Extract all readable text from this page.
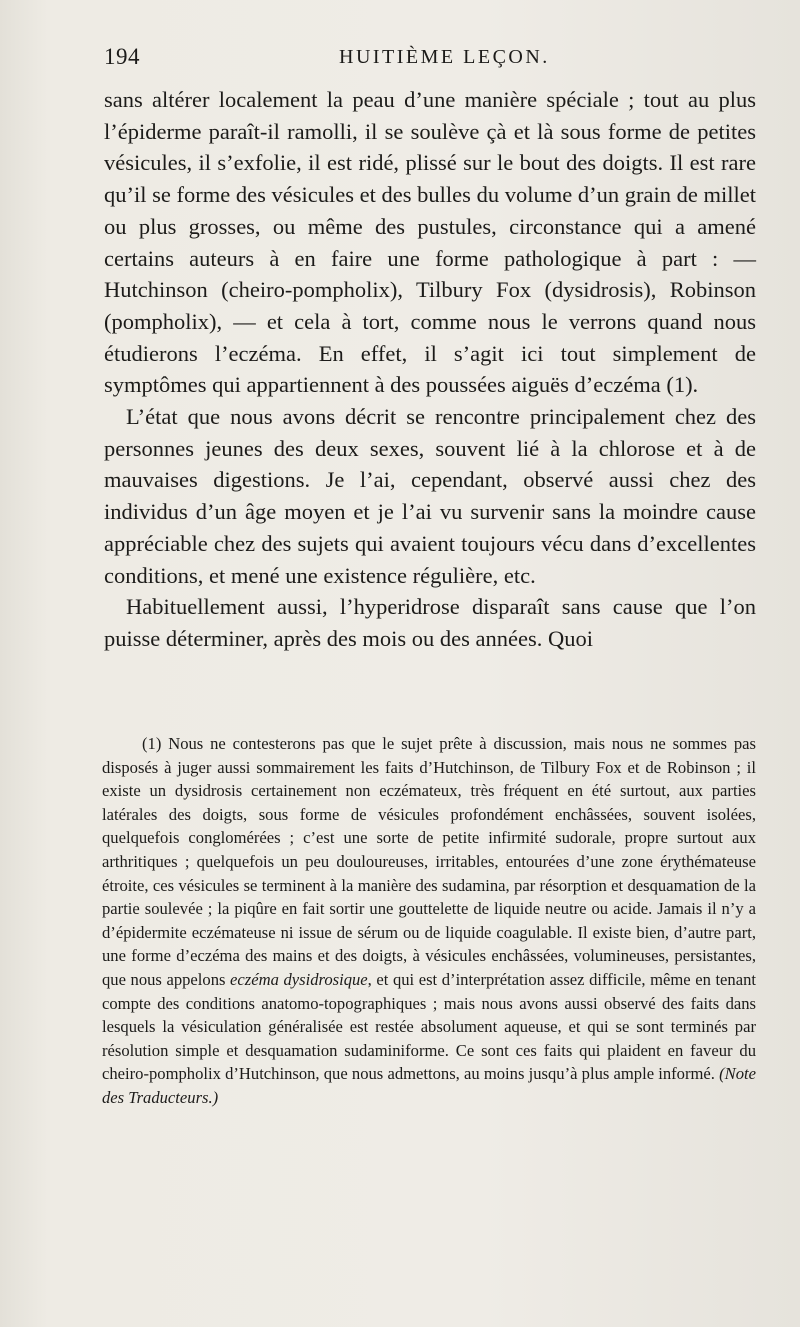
194	HUITIÈME LEÇON.

sans altérer localement la peau d’une manière spéciale ; tout au plus l’épiderme paraît-il ramolli, il se soulève çà et là sous forme de petites vésicules, il s’exfolie, il est ridé, plissé sur le bout des doigts. Il est rare qu’il se forme des vésicules et des bulles du volume d’un grain de millet ou plus grosses, ou même des pustules, circonstance qui a amené certains auteurs à en faire une forme pathologique à part : — Hutchinson (cheiro-pompholix), Tilbury Fox (dysidrosis), Robinson (pompholix), — et cela à tort, comme nous le verrons quand nous étudierons l’eczéma. En effet, il s’agit ici tout simplement de symptômes qui appartiennent à des poussées aiguës d’eczéma (1).

L’état que nous avons décrit se rencontre principalement chez des personnes jeunes des deux sexes, souvent lié à la chlorose et à de mauvaises digestions. Je l’ai, cependant, observé aussi chez des individus d’un âge moyen et je l’ai vu survenir sans la moindre cause appréciable chez des sujets qui avaient toujours vécu dans d’excellentes conditions, et mené une existence régulière, etc.

Habituellement aussi, l’hyperidrose disparaît sans cause que l’on puisse déterminer, après des mois ou des années. Quoi

(1) Nous ne contesterons pas que le sujet prête à discussion, mais nous ne sommes pas disposés à juger aussi sommairement les faits d’Hutchinson, de Tilbury Fox et de Robinson ; il existe un dysidrosis certainement non eczémateux, très fréquent en été surtout, aux parties latérales des doigts, sous forme de vésicules profondément enchâssées, souvent isolées, quelquefois conglomérées ; c’est une sorte de petite infirmité sudorale, propre surtout aux arthritiques ; quelquefois un peu douloureuses, irritables, entourées d’une zone érythémateuse étroite, ces vésicules se terminent à la manière des sudamina, par résorption et desquamation de la partie soulevée ; la piqûre en fait sortir une gouttelette de liquide neutre ou acide. Jamais il n’y a d’épidermite eczémateuse ni issue de sérum ou de liquide coagulable. Il existe bien, d’autre part, une forme d’eczéma des mains et des doigts, à vésicules enchâssées, volumineuses, persistantes, que nous appelons eczéma dysidrosique, et qui est d’interprétation assez difficile, même en tenant compte des conditions anatomo-topographiques ; mais nous avons aussi observé des faits dans lesquels la vésiculation généralisée est restée absolument aqueuse, et qui se sont terminés par résolution simple et desquamation sudaminiforme. Ce sont ces faits qui plaident en faveur du cheiro-pompholix d’Hutchinson, que nous admettons, au moins jusqu’à plus ample informé. (Note des Traducteurs.)
